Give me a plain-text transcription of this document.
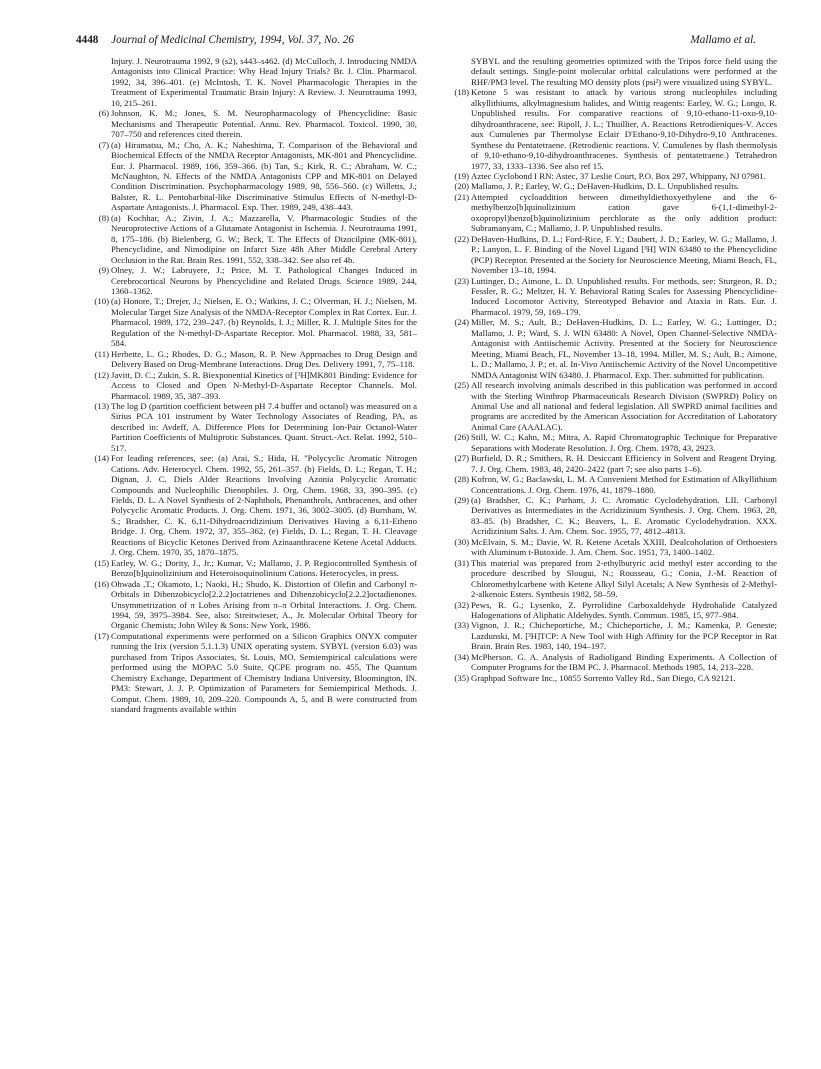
4448 Journal of Medicinal Chemistry, 1994, Vol. 37, No. 26	Mallamo et al.

Injury. J. Neurotrauma 1992, 9 (s2), s443–s462. (d) McCulloch, J. Introducing NMDA Antagonists into Clinical Practice: Why Head Injury Trials? Br. J. Clin. Pharmacol. 1992, 34, 396–401. (e) McIntosh, T. K. Novel Pharmacologic Therapies in the Treatment of Experimental Traumatic Brain Injury: A Review. J. Neurotrauma 1993, 10, 215–261.

(6) Johnson, K. M.; Jones, S. M. Neuropharmacology of Phencyclidine: Basic Mechanisms and Therapeutic Potential. Annu. Rev. Pharmacol. Toxicol. 1990, 30, 707–750 and references cited therein.

(7) (a) Hiramatsu, M.; Cho, A. K.; Nabeshima, T. Comparison of the Behavioral and Biochemical Effects of the NMDA Receptor Antagonists, MK-801 and Phencyclidine. Eur. J. Pharmacol. 1989, 166, 359–366. (b) Tan, S.; Kirk, R. C.; Abraham, W. C.; McNaughton, N. Effects of the NMDA Antagonists CPP and MK-801 on Delayed Condition Discrimination. Psychopharmacology 1989, 98, 556–560. (c) Willetts, J.; Balster, R. L. Pentobarbital-like Discriminative Stimulus Effects of N-methyl-D-Aspartate Antagonists. J. Pharmacol. Exp. Ther. 1989, 249, 438–443.

(8) (a) Kochhar, A.; Zivin, J. A.; Mazzarella, V. Pharmacologic Studies of the Neuroprotective Actions of a Glutamate Antagonist in Ischemia. J. Neurotrauma 1991, 8, 175–186. (b) Bielenberg, G. W.; Beck, T. The Effects of Dizocilpine (MK-801), Phencyclidine, and Nimodipine on Infarct Size 48h After Middle Cerebral Artery Occlusion in the Rat. Brain Res. 1991, 552, 338–342. See also ref 4b.

(9) Olney, J. W.; Labruyere, J.; Price, M. T. Pathological Changes Induced in Cerebrocortical Neurons by Phencyclidine and Related Drugs. Science 1989, 244, 1360–1362.

(10) (a) Honore, T.; Drejer, J.; Nielsen, E. O.; Watkins, J. C.; Olverman, H. J.; Nielsen, M. Molecular Target Size Analysis of the NMDA-Receptor Complex in Rat Cortex. Eur. J. Pharmacol. 1989, 172, 239–247. (b) Reynolds, I. J.; Miller, R. J. Multiple Sites for the Regulation of the N-methyl-D-Aspartate Receptor. Mol. Pharmacol. 1988, 33, 581–584.

(11) Herbette, L. G.; Rhodes, D. G.; Mason, R. P. New Approaches to Drug Design and Delivery Based on Drug-Membrane Interactions. Drug Des. Delivery 1991, 7, 75–118.

(12) Javitt, D. C.; Zukin, S. R. Biexponential Kinetics of [³H]MK801 Binding: Evidence for Access to Closed and Open N-Methyl-D-Aspartate Receptor Channels. Mol. Pharmacol. 1989, 35, 387–393.

(13) The log D (partition coefficient between pH 7.4 buffer and octanol) was measured on a Sirius PCA 101 instrument by Water Technology Associates of Reading, PA, as described in: Avdeff, A. Difference Plots for Determining Ion-Pair Octanol-Water Partition Coefficients of Multiprotic Substances. Quant. Struct.-Act. Relat. 1992, 510–517.

(14) For leading references, see: (a) Arai, S.; Hida, H. "Polycyclic Aromatic Nitrogen Cations. Adv. Heterocycl. Chem. 1992, 55, 261–357. (b) Fields, D. L.; Regan, T. H.; Dignan, J. C. Diels Alder Reactions Involving Azonia Polycyclic Aromatic Compounds and Nucleophilic Dienophiles. J. Org. Chem. 1968, 33, 390–395. (c) Fields, D. L. A Novel Synthesis of 2-Naphthols, Phenanthrols, Anthracenes, and other Polycyclic Aromatic Products. J. Org. Chem. 1971, 36, 3002–3005. (d) Burnham, W. S.; Bradsher, C. K. 6,11-Dihydroacridizinium Derivatives Having a 6,11-Etheno Bridge. J. Org. Chem. 1972, 37, 355–362. (e) Fields, D. L.; Regan, T. H. Cleavage Reactions of Bicyclic Ketones Derived from Azinaanthracene Ketene Acetal Adducts. J. Org. Chem. 1970, 35, 1870–1875.

(15) Earley, W. G.; Dority, J., Jr.; Kumar, V.; Mallamo, J. P. Regiocontrolled Synthesis of Benzo[b]quinolizinium and Heteroisoquinolinium Cations. Heterocycles, in press.

(16) Ohwada ,T.; Okamoto, I.; Naoki, H.; Shudo, K. Distortion of Olefin and Carbonyl π-Orbitals in Dibenzobicyclo[2.2.2]octatrienes and Dibenzobicyclo[2.2.2]octadienones. Unsymmetrization of π Lobes Arising from π–π Orbital Interactions. J. Org. Chem. 1994, 59, 3975–3984. See, also: Streitwieser, A., Jr. Molecular Orbital Theory for Organic Chemists; John Wiley & Sons: New York, 1986.

(17) Computational experiments were performed on a Silicon Graphics ONYX computer running the Irix (version 5.1.1.3) UNIX operating system. SYBYL (version 6.03) was purchased from Tripos Associates, St. Louis, MO. Semiempirical calculations were performed using the MOPAC 5.0 Suite, QCPE program no. 455, The Quantum Chemistry Exchange, Department of Chemistry Indiana University, Bloomington, IN. PM3: Stewart, J. J. P. Optimization of Parameters for Semiempirical Methods. J. Comput. Chem. 1989, 10, 209–220. Compounds A, 5, and B were constructed from standard fragments available within

SYBYL and the resulting geometries optimized with the Tripos force field using the default settings. Single-point molecular orbital calculations were performed at the RHF/PM3 level. The resulting MO density plots (psi²) were visualized using SYBYL.

(18) Ketone 5 was resistant to attack by various strong nucleophiles including alkyllithiums, alkylmagnesium halides, and Wittig reagents: Earley, W. G.; Longo, R. Unpublished results. For comparative reactions of 9,10-ethano-11-oxo-9,10-dihydroanthracene, see: Ripoll, J. L.; Thuillier, A. Reactions Retrodieniques-V. Acces aux Cumulenes par Thermolyse Eclair D'Ethano-9,10-Dihydro-9,10 Anthracenes. Synthese du Pentatetraene. (Retrodienic reactions. V. Cumulenes by flash thermolysis of 9,10-ethano-9,10-dihydroanthracenes. Synthesis of pentatetraene.) Tetrahedron 1977, 33, 1333–1336. See also ref 15.

(19) Aztec Cyclobond I RN: Astec, 37 Leslie Court, P.O. Box 297, Whippany, NJ 07981.

(20) Mallamo, J. P.; Earley, W. G.; DeHaven-Hudkins, D. L. Unpublished results.

(21) Attempted cycloaddition between dimethyldiethoxyethylene and the 6-methylbenzo[b]quinolizinium cation gave 6-(1,1-dimethyl-2-oxopropyl)benzo[b]quinolizinium perchlorate as the only addition product: Subramanyam, C.; Mallamo, J. P. Unpublished results.

(22) DeHaven-Hudkins, D. L.; Ford-Rice, F. Y.; Daubert, J. D.; Earley, W. G.; Mallamo, J. P.; Lanyon, L. F. Binding of the Novel Ligand [³H] WIN 63480 to the Phencyclidine (PCP) Receptor. Presented at the Society for Neuroscience Meeting, Miami Beach, FL, November 13–18, 1994.

(23) Luttinger, D.; Aimone, L. D. Unpublished results. For methods, see: Sturgeon, R. D.; Fessler, R. G.; Meltzer, H. Y. Behavioral Rating Scales for Assessing Phencyclidine-Induced Locomotor Activity, Stereotyped Behavior and Ataxia in Rats. Eur. J. Pharmacol. 1979, 59, 169–179.

(24) Miller, M. S.; Ault, B.; DeHaven-Hudkins, D. L.; Earley, W. G.; Luttinger, D.; Mallamo, J. P.; Ward, S. J. WIN 63480: A Novel, Open Channel-Selective NMDA-Antagonist with Antiischemic Activity. Presented at the Society for Neuroscience Meeting, Miami Beach, FL, November 13–18, 1994. Miller, M. S.; Ault, B.; Aimone, L. D.; Mallamo, J. P.; et. al. In-Vivo Antiischemic Activity of the Novel Uncompetitive NMDA Antagonist WIN 63480. J. Pharmacol. Exp. Ther. submitted for publication.

(25) All research involving animals described in this publication was performed in accord with the Sterling Winthrop Pharmaceuticals Research Division (SWPRD) Policy on Animal Use and all national and federal legislation. All SWPRD animal facilities and programs are accredited by the American Association for Accreditation of Laboratory Animal Care (AAALAC).

(26) Still, W. C.; Kahn, M.; Mitra, A. Rapid Chromatographic Technique for Preparative Separations with Moderate Resolution. J. Org. Chem. 1978, 43, 2923.

(27) Burfield, D. R.; Smithers, R. H. Desiccant Efficiency in Solvent and Reagent Drying. 7. J. Org. Chem. 1983, 48, 2420–2422 (part 7; see also parts 1–6).

(28) Kofron, W. G.; Baclawski, L. M. A Convenient Method for Estimation of Alkyllithium Concentrations. J. Org. Chem. 1976, 41, 1879–1880.

(29) (a) Bradsher, C. K.; Parham, J. C. Aromatic Cyclodehydration. LII. Carbonyl Derivatives as Intermediates in the Acridizinium Synthesis. J. Org. Chem. 1963, 28, 83–85. (b) Bradsher, C. K.; Beavers, L. E. Aromatic Cyclodehydration. XXX. Acridizinium Salts. J. Am. Chem. Soc. 1955, 77, 4812–4813.

(30) McElvain, S. M.; Davie, W. R. Ketene Acetals XXIII. Dealcoholation of Orthoesters with Aluminum t-Butoxide. J. Am. Chem. Soc. 1951, 73, 1400–1402.

(31) This material was prepared from 2-ethylbutyric acid methyl ester according to the procedure described by Slougui, N.; Rousseau, G.; Conia, J.-M. Reaction of Chloromethylcarbene with Ketene Alkyl Silyl Acetals; A New Synthesis of 2-Methyl-2-alkenoic Esters. Synthesis 1982, 58–59.

(32) Pews, R. G.; Lysenko, Z. Pyrrolidine Carboxaldehyde Hydrohalide Catalyzed Halogenations of Aliphatic Aldehydes. Synth. Commun. 1985, 15, 977–984.

(33) Vignon, J. R.; Chicheportiche, M.; Chicheportiche, J. M.; Kamenka, P. Geneste; Lazdunski, M. [³H]TCP: A New Tool with High Affinity for the PCP Receptor in Rat Brain. Brain Res. 1983, 140, 194–197.

(34) McPherson. G. A. Analysis of Radioligand Binding Experiments. A Collection of Computer Programs for the IBM PC. J. Pharmacol. Methods 1985, 14, 213–228.

(35) Graphpad Software Inc., 10855 Sorrento Valley Rd., San Diego, CA 92121.
